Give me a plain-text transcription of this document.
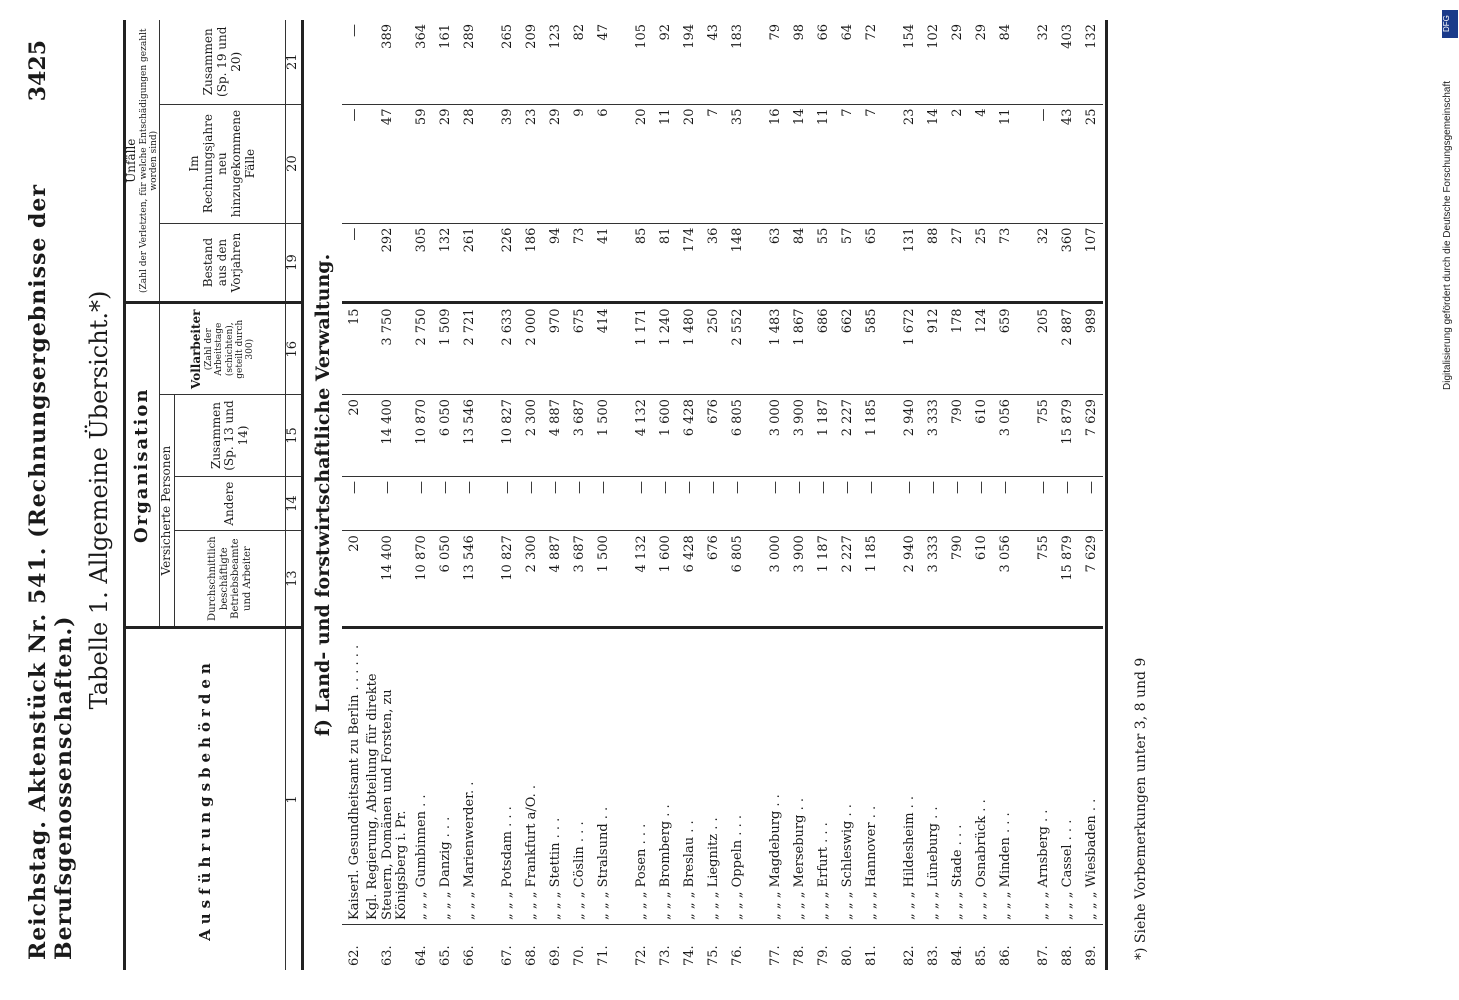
Reichstag. Aktenstück Nr. 541. (Rechnungsergebnisse der Berufsgenossenschaften.)
3425
Tabelle 1. Allgemeine Übersicht.*)
Ausführungsbehörden		Organisation				Unfälle (Zahl der Verletzten, für welche Entschädigungen gezahlt worden sind)		

		Versicherte Personen			Vollarbeiter (Zahl der Arbeitstage (schichten), geteilt durch 300)	Bestand aus den Vorjahren	Im Rechnungsjahre neu hinzugekommene Fälle	Zusammen (Sp. 19 und 20)
		Durchschnittlich beschäftigte Betriebsbeamte und Arbeiter	Andere	Zusammen (Sp. 13 und 14)				
1		13	14	15	16	19	20	21
f) Land- und forstwirtschaftliche Verwaltung.								
62.	Kaiserl. Gesundheitsamt zu Berlin . . . . . .	20	—	20	15	—	—	—
63.	Kgl. Regierung, Abteilung für direkte Steuern, Domänen und Forsten, zu Königsberg i. Pr.	14 400	—	14 400	3 750	292	47	389
64.	„ „ „ Gumbinnen . .	10 870	—	10 870	2 750	305	59	364
65.	„ „ „ Danzig . . .	6 050	—	6 050	1 509	132	29	161
66.	„ „ „ Marienwerder. .	13 546	—	13 546	2 721	261	28	289

67.	„ „ „ Potsdam . . .	10 827	—	10 827	2 633	226	39	265
68.	„ „ „ Frankfurt a/O. .	2 300	—	2 300	2 000	186	23	209
69.	„ „ „ Stettin . . .	4 887	—	4 887	970	94	29	123
70.	„ „ „ Cöslin . . .	3 687	—	3 687	675	73	9	82
71.	„ „ „ Stralsund . .	1 500	—	1 500	414	41	6	47

72.	„ „ „ Posen . . .	4 132	—	4 132	1 171	85	20	105
73.	„ „ „ Bromberg . .	1 600	—	1 600	1 240	81	11	92
74.	„ „ „ Breslau . .	6 428	—	6 428	1 480	174	20	194
75.	„ „ „ Liegnitz . .	676	—	676	250	36	7	43
76.	„ „ „ Oppeln . . .	6 805	—	6 805	2 552	148	35	183

77.	„ „ „ Magdeburg . .	3 000	—	3 000	1 483	63	16	79
78.	„ „ „ Merseburg . .	3 900	—	3 900	1 867	84	14	98
79.	„ „ „ Erfurt . . .	1 187	—	1 187	686	55	11	66
80.	„ „ „ Schleswig . .	2 227	—	2 227	662	57	7	64
81.	„ „ „ Hannover . .	1 185	—	1 185	585	65	7	72

82.	„ „ „ Hildesheim . .	2 940	—	2 940	1 672	131	23	154
83.	„ „ „ Lüneburg . .	3 333	—	3 333	912	88	14	102
84.	„ „ „ Stade . . .	790	—	790	178	27	2	29
85.	„ „ „ Osnabrück . .	610	—	610	124	25	4	29
86.	„ „ „ Minden . . .	3 056	—	3 056	659	73	11	84

87.	„ „ „ Arnsberg . .	755	—	755	205	32	—	32
88.	„ „ „ Cassel . . .	15 879	—	15 879	2 887	360	43	403
89.	„ „ „ Wiesbaden . .	7 629	—	7 629	989	107	25	132
*) Siehe Vorbemerkungen unter 3, 8 und 9
Digitalisierung gefördert durch die Deutsche Forschungsgemeinschaft
DFG
